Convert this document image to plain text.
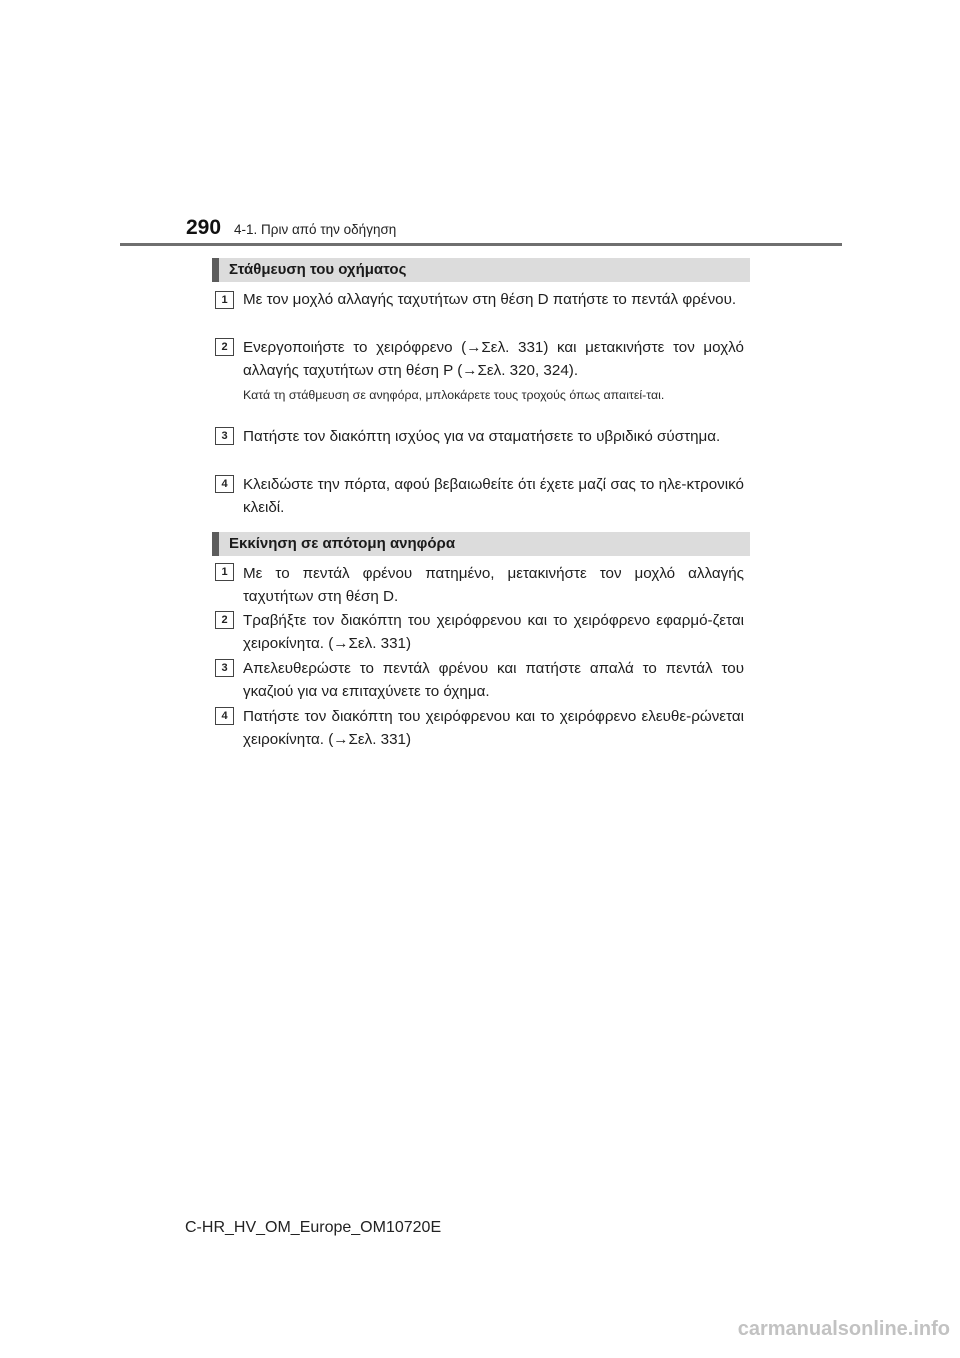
290 4-1. Πριν από την οδήγηση
Στάθμευση του οχήματος
1	Με τον μοχλό αλλαγής ταχυτήτων στη θέση D πατήστε το πεντάλ φρένου.
2	Ενεργοποιήστε το χειρόφρενο (→Σελ. 331) και μετακινήστε τον μοχλό αλλαγής ταχυτήτων στη θέση P (→Σελ. 320, 324).
Κατά τη στάθμευση σε ανηφόρα, μπλοκάρετε τους τροχούς όπως απαιτεί-ται.
3	Πατήστε τον διακόπτη ισχύος για να σταματήσετε το υβριδικό σύστημα.
4	Κλειδώστε την πόρτα, αφού βεβαιωθείτε ότι έχετε μαζί σας το ηλε-κτρονικό κλειδί.
Εκκίνηση σε απότομη ανηφόρα
1	Με το πεντάλ φρένου πατημένο, μετακινήστε τον μοχλό αλλαγής ταχυτήτων στη θέση D.
2	Τραβήξτε τον διακόπτη του χειρόφρενου και το χειρόφρενο εφαρμό-ζεται χειροκίνητα. (→Σελ. 331)
3	Απελευθερώστε το πεντάλ φρένου και πατήστε απαλά το πεντάλ του γκαζιού για να επιταχύνετε το όχημα.
4	Πατήστε τον διακόπτη του χειρόφρενου και το χειρόφρενο ελευθε-ρώνεται χειροκίνητα. (→Σελ. 331)
C-HR_HV_OM_Europe_OM10720E
carmanualsonline.info
